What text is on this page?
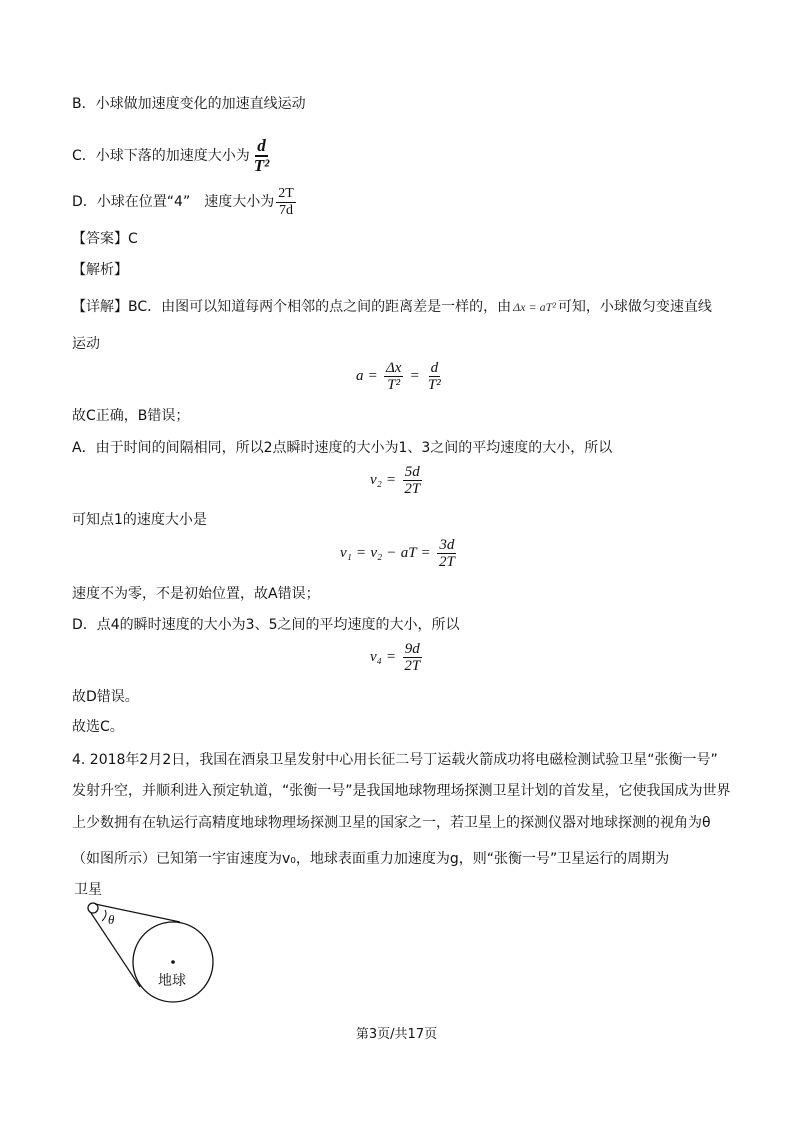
B．小球做加速度变化的加速直线运动
C．小球下落的加速度大小为 $\frac{d}{\text{T²}}$
D．小球在位置“4”　速度大小为 $\frac{2T}{7d}$
【答案】C
【解析】
【详解】BC．由图可以知道每两个相邻的点之间的距离差是一样的，由 Δx = aT² 可知，小球做匀变速直线
运动
$a = \frac{\Delta x}{\text{T²}} = \frac{d}{\text{T²}}$
故C正确，B错误；
A．由于时间的间隔相同，所以2点瞬时速度的大小为1、3之间的平均速度的大小，所以
$v_2 = \frac{5d}{2T}$
可知点1的速度大小是
v₁ = v₂ − aT = $\frac{3d}{2T}$
速度不为零，不是初始位置，故A错误；
D．点4的瞬时速度的大小为3、5之间的平均速度的大小，所以
$v_4 = \frac{9d}{2T}$
故D错误。
故选C。
4. 2018年2月2日，我国在酒泉卫星发射中心用长征二号丁运载火箭成功将电磁检测试验卫星“张衡一号”
发射升空，并顺利进入预定轨道，“张衡一号”是我国地球物理场探测卫星计划的首发星，它使我国成为世界
上少数拥有在轨运行高精度地球物理场探测卫星的国家之一，若卫星上的探测仪器对地球探测的视角为θ
（如图所示）已知第一宇宙速度为v₀，地球表面重力加速度为g，则“张衡一号”卫星运行的周期为
卫星
θ
地球
第3页/共17页
